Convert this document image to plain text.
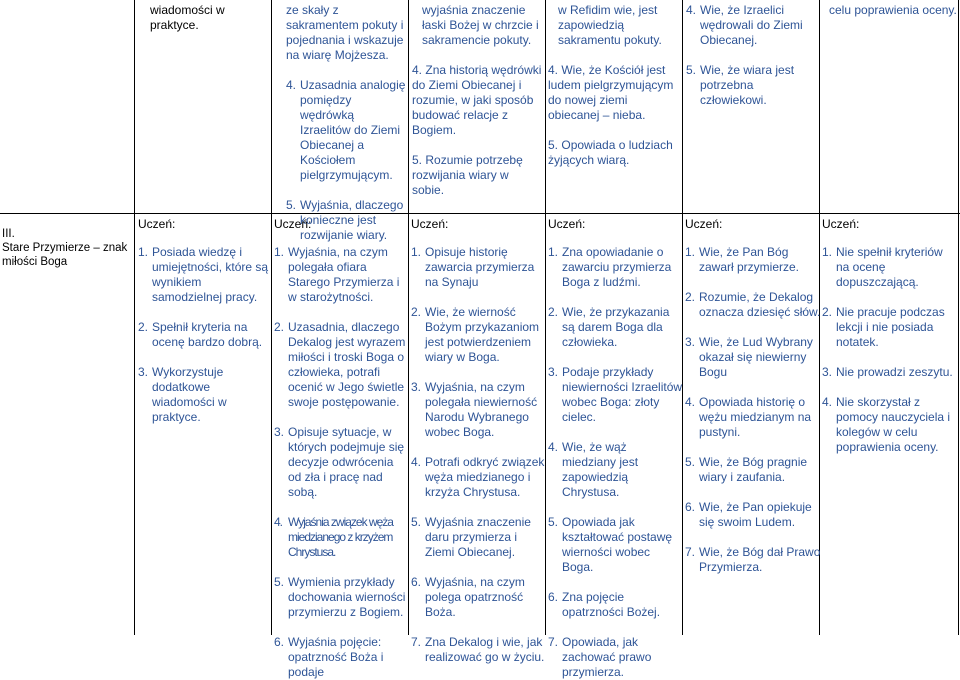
wiadomości w praktyce.
ze skały z sakramentem pokuty i pojednania i wskazuje na wiarę Mojżesza.
4. Uzasadnia analogię pomiędzy wędrówką Izraelitów do Ziemi Obiecanej a Kościołem pielgrzymującym.
5. Wyjaśnia, dlaczego konieczne jest rozwijanie wiary.
wyjaśnia znaczenie łaski Bożej w chrzcie i sakramencie pokuty.
4. Zna historią wędrówki do Ziemi Obiecanej i rozumie, w jaki sposób budować relacje z Bogiem.
5. Rozumie potrzebę rozwijania wiary w sobie.
w Refidim wie, jest zapowiedzią sakramentu pokuty.
4. Wie, że Kościół jest ludem pielgrzymującym do nowej ziemi obiecanej – nieba.
5. Opowiada o ludziach żyjących wiarą.
4. Wie, że Izraelici wędrowali do Ziemi Obiecanej.
5. Wie, że wiara jest potrzebna człowiekowi.
celu poprawienia oceny.
III.
Stare Przymierze – znak miłości Boga
Uczeń:
1. Posiada wiedzę i umiejętności, które są wynikiem samodzielnej pracy.
2. Spełnił kryteria na ocenę bardzo dobrą.
3. Wykorzystuje dodatkowe wiadomości w praktyce.
Uczeń:
1. Wyjaśnia, na czym polegała ofiara Starego Przymierza i w starożytności.
2. Uzasadnia, dlaczego Dekalog jest wyrazem miłości i troski Boga o człowieka, potrafi ocenić w Jego świetle swoje postępowanie.
3. Opisuje sytuacje, w których podejmuje się decyzje odwrócenia od zła i pracę nad sobą.
4. Wyjaśnia związek węża miedzianego z krzyżem Chrystusa.
5. Wymienia przykłady dochowania wierności przymierzu z Bogiem.
6. Wyjaśnia pojęcie: opatrzność Boża i podaje
Uczeń:
1. Opisuje historię zawarcia przymierza na Synaju
2. Wie, że wierność Bożym przykazaniom jest potwierdzeniem wiary w Boga.
3. Wyjaśnia, na czym polegała niewierność Narodu Wybranego wobec Boga.
4. Potrafi odkryć związek węża miedzianego i krzyża Chrystusa.
5. Wyjaśnia znaczenie daru przymierza i Ziemi Obiecanej.
6. Wyjaśnia, na czym polega opatrzność Boża.
7. Zna Dekalog i wie, jak realizować go w życiu.
Uczeń:
1. Zna opowiadanie o zawarciu przymierza Boga z ludźmi.
2. Wie, że przykazania są darem Boga dla człowieka.
3. Podaje przykłady niewierności Izraelitów wobec Boga: złoty cielec.
4. Wie, że wąż miedziany jest zapowiedzią Chrystusa.
5. Opowiada jak kształtować postawę wierności wobec Boga.
6. Zna pojęcie opatrzności Bożej.
7. Opowiada, jak zachować prawo przymierza.
Uczeń:
1. Wie, że Pan Bóg zawarł przymierze.
2. Rozumie, że Dekalog oznacza dziesięć słów.
3. Wie, że Lud Wybrany okazał się niewierny Bogu
4. Opowiada historię o wężu miedzianym na pustyni.
5. Wie, że Bóg pragnie wiary i zaufania.
6. Wie, że Pan opiekuje się swoim Ludem.
7. Wie, że Bóg dał Prawo Przymierza.
Uczeń:
1. Nie spełnił kryteriów na ocenę dopuszczającą.
2. Nie pracuje podczas lekcji i nie posiada notatek.
3. Nie prowadzi zeszytu.
4. Nie skorzystał z pomocy nauczyciela i kolegów w celu poprawienia oceny.
